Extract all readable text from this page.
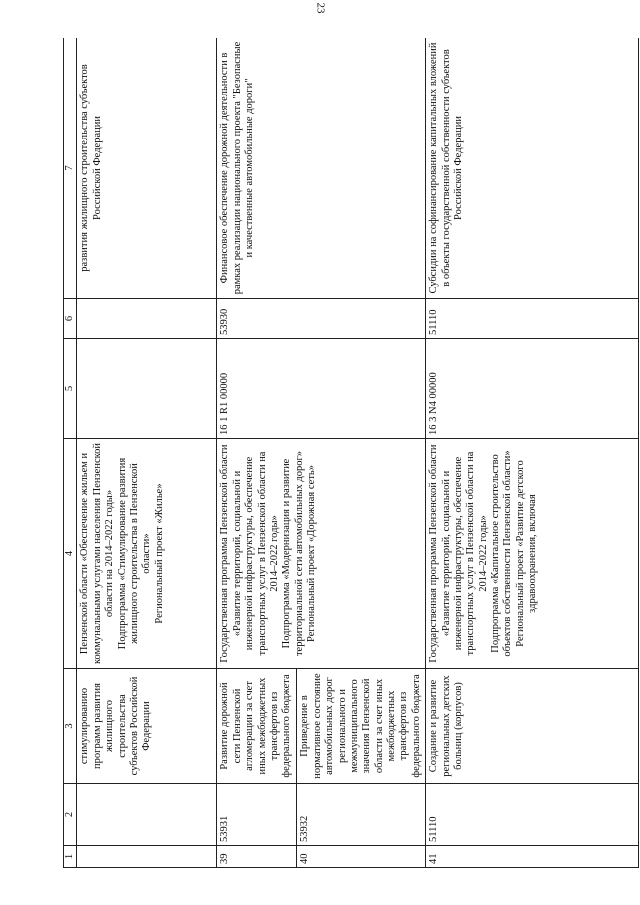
23
1	2	3	4	5	6	7
		стимулированию программ развития жилищного строительства субъектов Российской Федерации	Пензенской области «Обеспечение жильем и коммунальными услугами населения Пензенской области на 2014–2022 годы» Подпрограмма «Стимулирование развития жилищного строительства в Пензенской области» Региональный проект «Жилье»			развития жилищного строительства субъектов Российской Федерации
39	53931	Развитие дорожной сети Пензенской агломерации за счет иных межбюджетных трансфертов из федерального бюджета	Государственная программа Пензенской области «Развитие территорий, социальной и инженерной инфраструктуры, обеспечение транспортных услуг в Пензенской области на 2014–2022 годы» Подпрограмма «Модернизация и развитие территориальной сети автомобильных дорог» Региональный проект «Дорожная сеть»	16 1 R1 00000	53930	Финансовое обеспечение дорожной деятельности в рамках реализации национального проекта "Безопасные и качественные автомобильные дороги"
40	53932	Приведение в нормативное состояние автомобильных дорог регионального и межмуниципального значения Пензенской области за счет иных межбюджетных трансфертов из федерального бюджета				
41	51110	Создание и развитие региональных детских больниц (корпусов)	Государственная программа Пензенской области «Развитие территорий, социальной и инженерной инфраструктуры, обеспечение транспортных услуг в Пензенской области на 2014–2022 годы» Подпрограмма «Капитальное строительство объектов собственности Пензенской области» Региональный проект «Развитие детского здравоохранения, включая	16 3 N4 00000	51110	Субсидии на софинансирование капитальных вложений в объекты государственной собственности субъектов Российской Федерации
